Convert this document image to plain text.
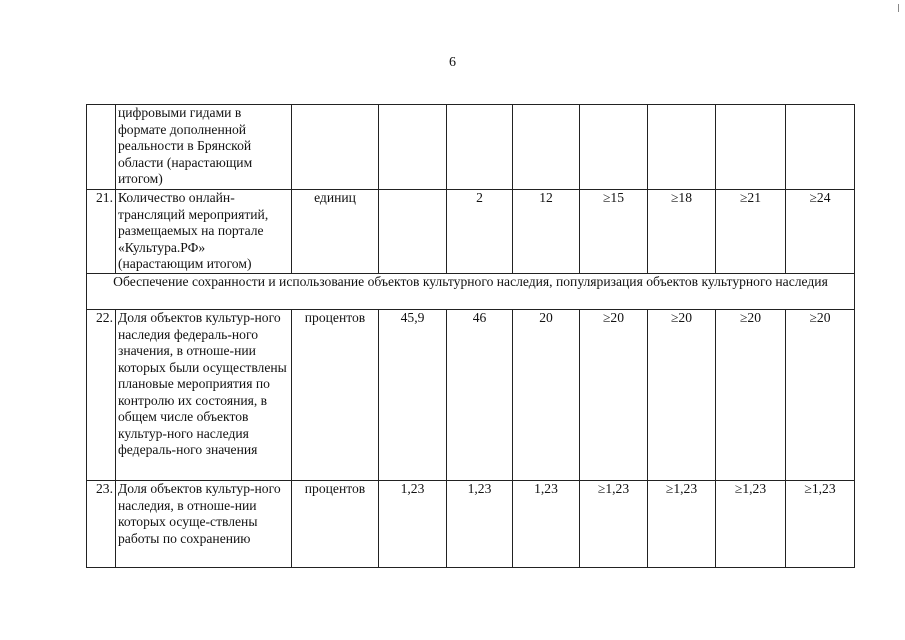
6
	цифровыми гидами в формате дополненной реальности в Брянской области (нарастающим итогом)								
21.	Количество онлайн-трансляций мероприятий, размещаемых на портале «Культура.РФ» (нарастающим итогом)	единиц		2	12	≥15	≥18	≥21	≥24
Обеспечение сохранности и использование объектов культурного наследия, популяризация объектов культурного наследия									
22.	Доля объектов культур-ного наследия федераль-ного значения, в отноше-нии которых были осуществлены плановые мероприятия по контролю их состояния, в общем числе объектов культур-ного наследия федераль-ного значения	процентов	45,9	46	20	≥20	≥20	≥20	≥20
23.	Доля объектов культур-ного наследия, в отноше-нии которых осуще-ствлены работы по сохранению	процентов	1,23	1,23	1,23	≥1,23	≥1,23	≥1,23	≥1,23
